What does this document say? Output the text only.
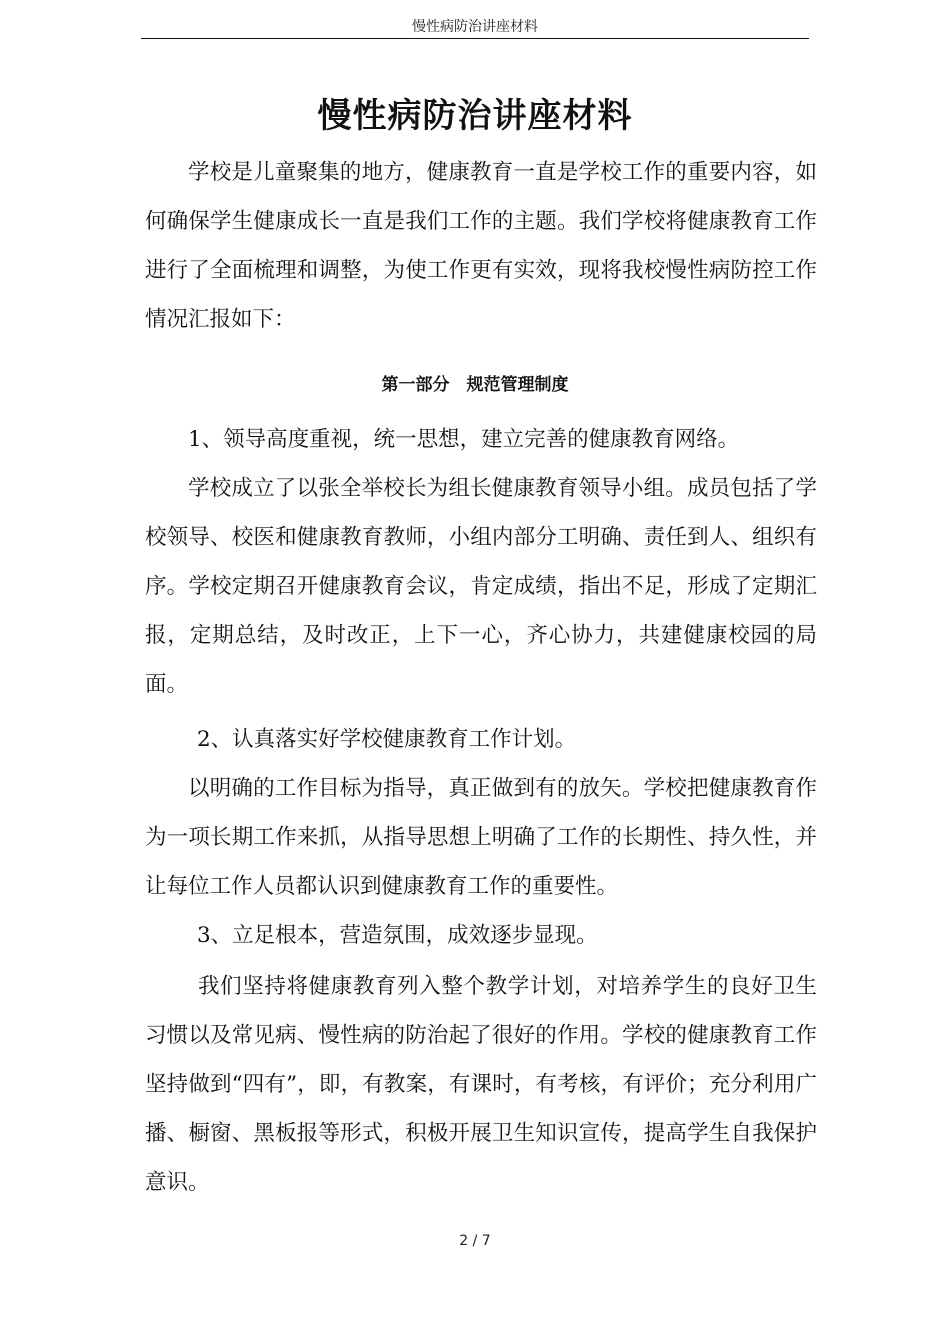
慢性病防治讲座材料
慢性病防治讲座材料

学校是儿童聚集的地方，健康教育一直是学校工作的重要内容，如何确保学生健康成长一直是我们工作的主题。我们学校将健康教育工作进行了全面梳理和调整，为使工作更有实效，现将我校慢性病防控工作情况汇报如下：

第一部分　规范管理制度

1、领导高度重视，统一思想，建立完善的健康教育网络。

学校成立了以张全举校长为组长健康教育领导小组。成员包括了学校领导、校医和健康教育教师，小组内部分工明确、责任到人、组织有序。学校定期召开健康教育会议，肯定成绩，指出不足，形成了定期汇报，定期总结，及时改正，上下一心，齐心协力，共建健康校园的局面。

2、认真落实好学校健康教育工作计划。

以明确的工作目标为指导，真正做到有的放矢。学校把健康教育作为一项长期工作来抓，从指导思想上明确了工作的长期性、持久性，并让每位工作人员都认识到健康教育工作的重要性。

3、立足根本，营造氛围，成效逐步显现。

我们坚持将健康教育列入整个教学计划，对培养学生的良好卫生习惯以及常见病、慢性病的防治起了很好的作用。学校的健康教育工作坚持做到“四有”，即，有教案，有课时，有考核，有评价；充分利用广播、橱窗、黑板报等形式，积极开展卫生知识宣传，提高学生自我保护意识。

2 / 7
